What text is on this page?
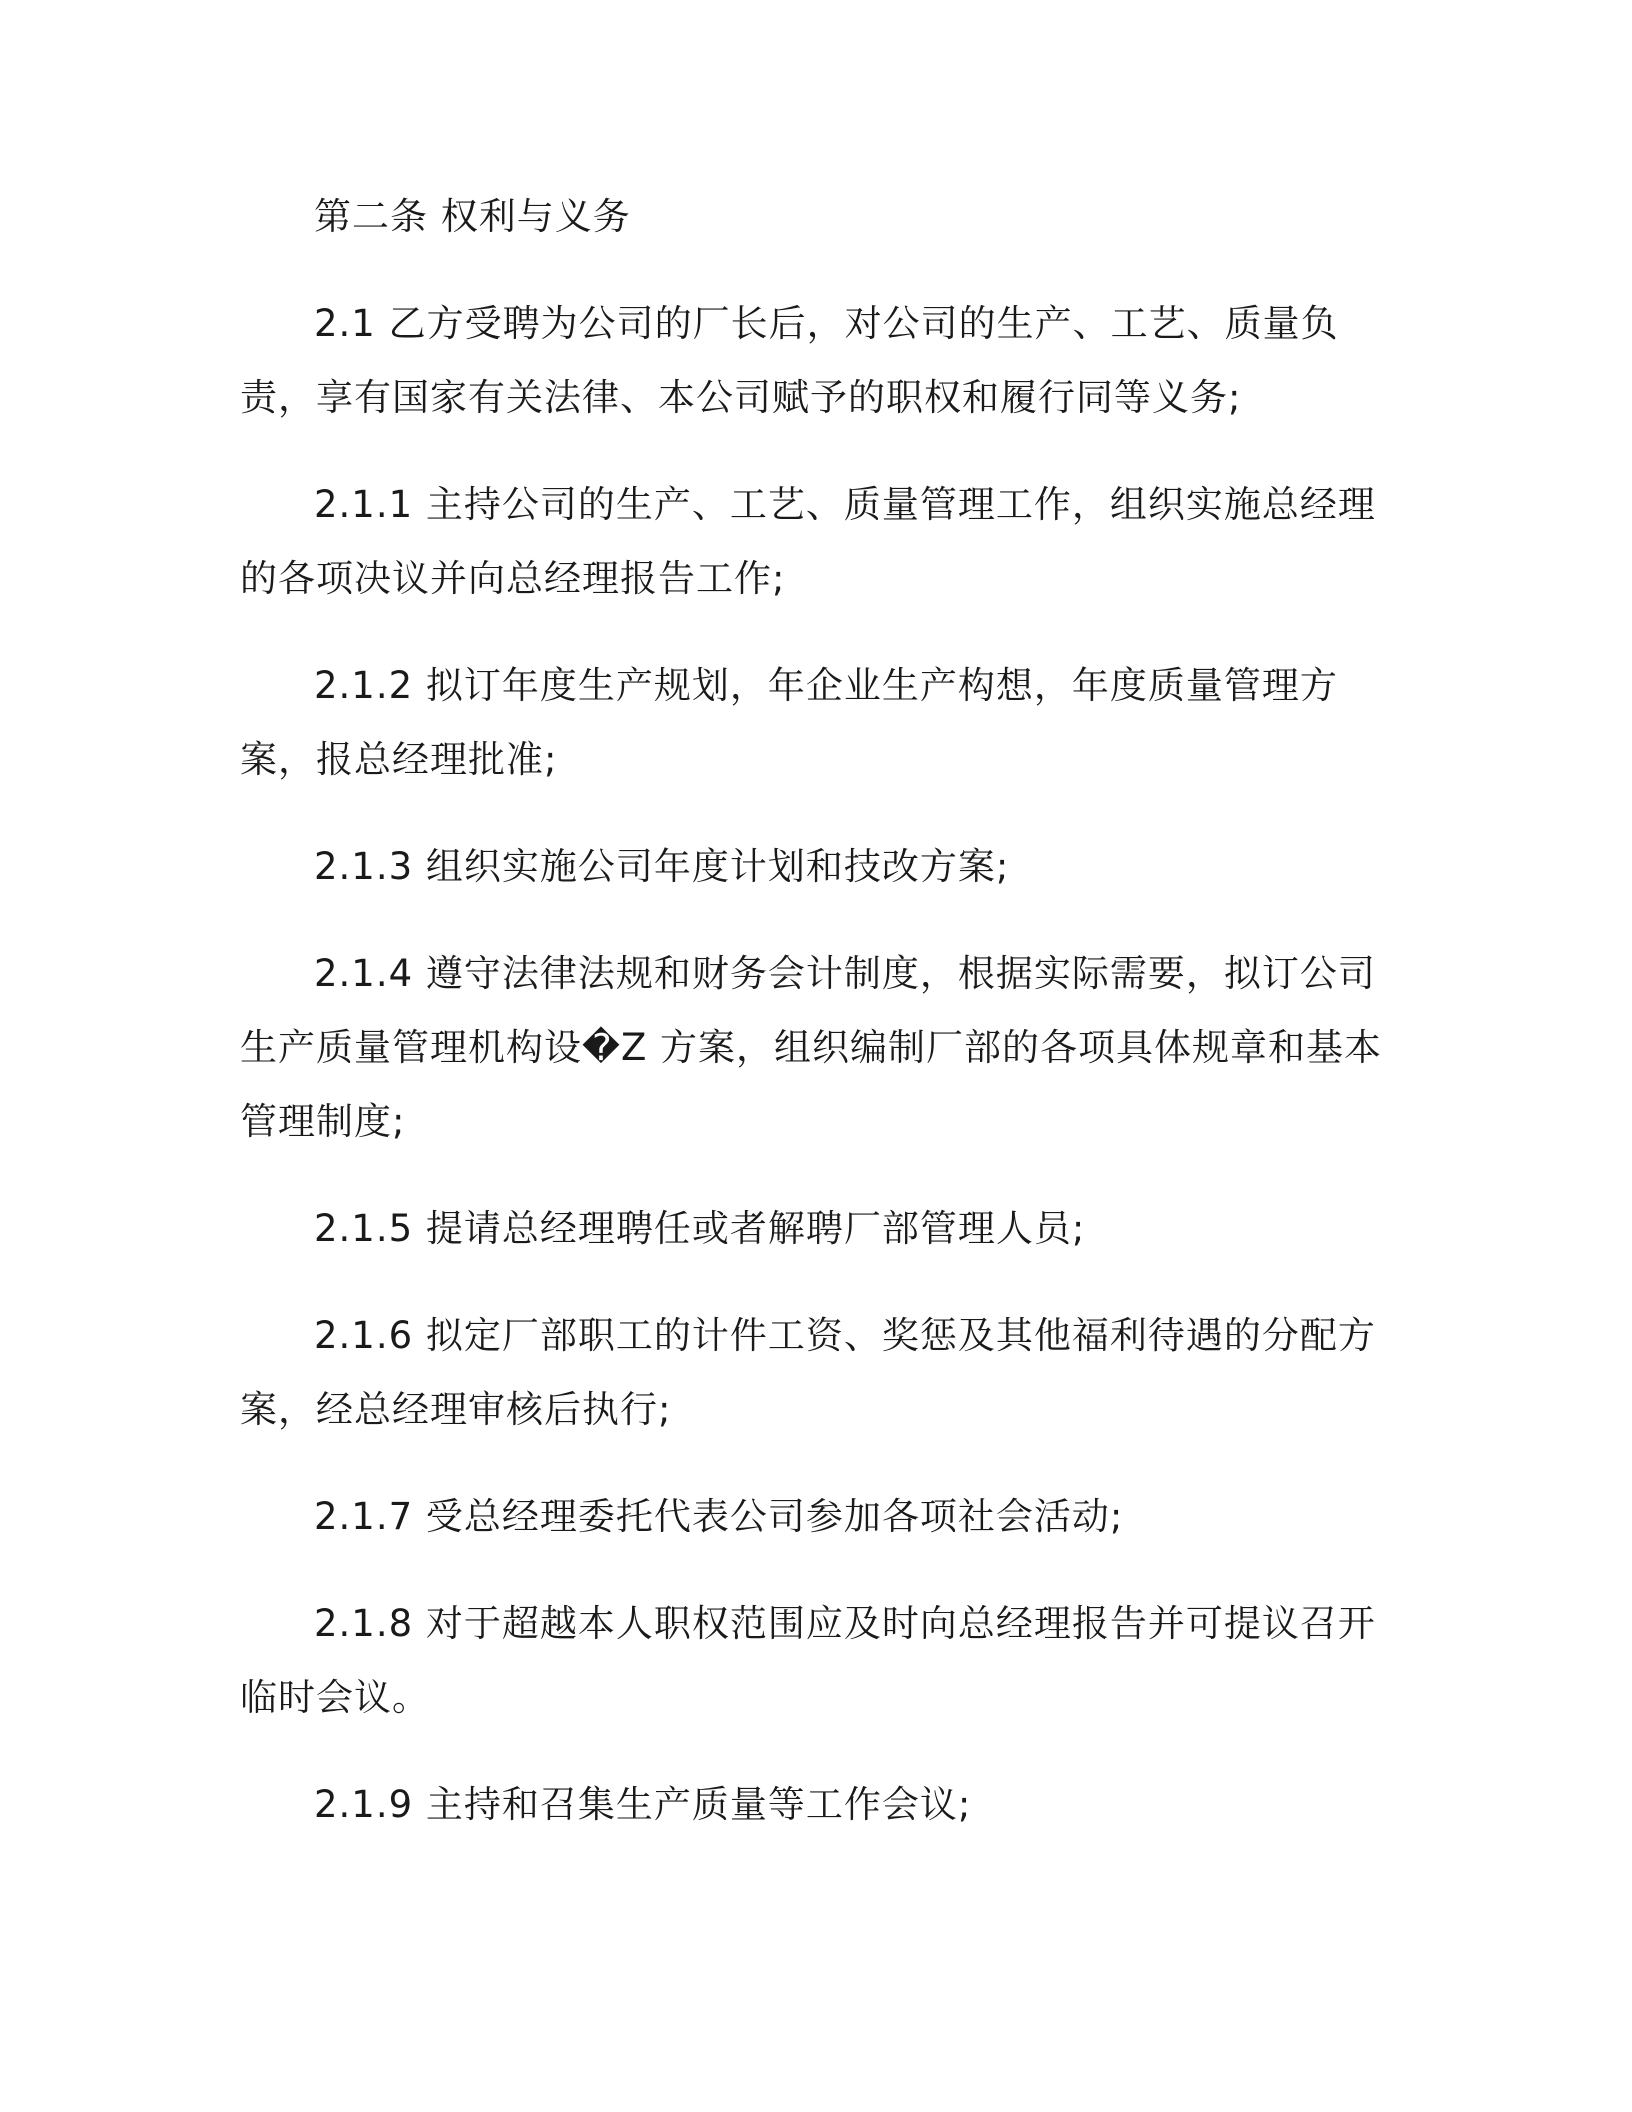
第二条 权利与义务

2.1 乙方受聘为公司的厂长后，对公司的生产、工艺、质量负责，享有国家有关法律、本公司赋予的职权和履行同等义务;

2.1.1 主持公司的生产、工艺、质量管理工作，组织实施总经理的各项决议并向总经理报告工作;

2.1.2 拟订年度生产规划，年企业生产构想，年度质量管理方案，报总经理批准;

2.1.3 组织实施公司年度计划和技改方案;

2.1.4 遵守法律法规和财务会计制度，根据实际需要，拟订公司生产质量管理机构设�Z 方案，组织编制厂部的各项具体规章和基本管理制度;

2.1.5 提请总经理聘任或者解聘厂部管理人员;

2.1.6 拟定厂部职工的计件工资、奖惩及其他福利待遇的分配方案，经总经理审核后执行;

2.1.7 受总经理委托代表公司参加各项社会活动;

2.1.8 对于超越本人职权范围应及时向总经理报告并可提议召开临时会议。

2.1.9 主持和召集生产质量等工作会议;
